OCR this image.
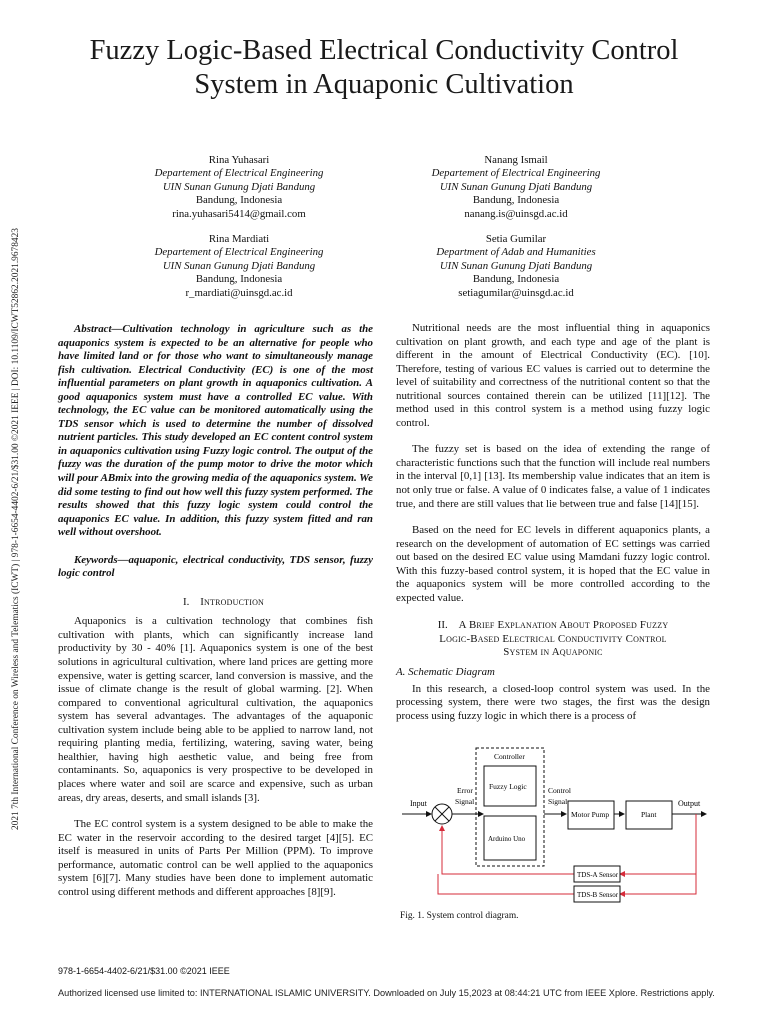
Fuzzy Logic-Based Electrical Conductivity Control
System in Aquaponic Cultivation
Rina Yuhasari
Departement of Electrical Engineering
UIN Sunan Gunung Djati Bandung
Bandung, Indonesia
rina.yuhasari5414@gmail.com
Nanang Ismail
Departement of Electrical Engineering
UIN Sunan Gunung Djati Bandung
Bandung, Indonesia
nanang.is@uinsgd.ac.id
Rina Mardiati
Departement of Electrical Engineering
UIN Sunan Gunung Djati Bandung
Bandung, Indonesia
r_mardiati@uinsgd.ac.id
Setia Gumilar
Department of Adab and Humanities
UIN Sunan Gunung Djati Bandung
Bandung, Indonesia
setiagumilar@uinsgd.ac.id
2021 7th International Conference on Wireless and Telematics (ICWT) | 978-1-6654-4402-6/21/$31.00 ©2021 IEEE | DOI: 10.1109/ICWT52862.2021.9678423	Abstract—Cultivation technology in agriculture such as the aquaponics system is expected to be an alternative for people who have limited land or for those who want to simultaneously manage fish cultivation. Electrical Conductivity (EC) is one of the most influential parameters on plant growth in aquaponics cultivation. A good aquaponics system must have a controlled EC value. With technology, the EC value can be monitored automatically using the TDS sensor which is used to determine the number of dissolved nutrient particles. This study developed an EC content control system in aquaponics cultivation using Fuzzy logic control. The output of the fuzzy was the duration of the pump motor to drive the motor which will pour ABmix into the growing media of the aquaponics system. We did some testing to find out how well this fuzzy system performed. The results showed that this fuzzy logic system could control the aquaponics EC value. In addition, this fuzzy system fitted and ran well without overshoot.

Keywords—aquaponic, electrical conductivity, TDS sensor, fuzzy logic control

I. Introduction

Aquaponics is a cultivation technology that combines fish cultivation with plants, which can significantly increase land productivity by 30 - 40% [1]. Aquaponics system is one of the best solutions in agricultural cultivation, where land prices are getting more expensive, water is getting scarcer, land conversion is massive, and the issue of climate change is the result of global warming. [2]. When compared to conventional agricultural cultivation, the aquaponics system has several advantages. The advantages of the aquaponic cultivation system include being able to be applied to narrow land, not requiring planting media, fertilizing, watering, saving water, being healthier, having high aesthetic value, and being free from contaminants. So, aquaponics is very prospective to be developed in places where water and soil are scarce and expensive, such as urban areas, dry areas, deserts, and small islands [3].

The EC control system is a system designed to be able to make the EC water in the reservoir according to the desired target [4][5]. EC itself is measured in units of Parts Per Million (PPM). To improve performance, automatic control can be well applied to the aquaponics system [6][7]. Many studies have been done to implement automatic control using different methods and different approaches [8][9].

Nutritional needs are the most influential thing in aquaponics cultivation on plant growth, and each type and age of the plant is different in the amount of Electrical Conductivity (EC). [10]. Therefore, testing of various EC values is carried out to determine the level of suitability and correctness of the nutritional content so that the nutritional sources contained therein can be utilized [11][12]. The method used in this control system is a method using fuzzy logic control.

The fuzzy set is based on the idea of extending the range of characteristic functions such that the function will include real numbers in the interval [0,1] [13]. Its membership value indicates that an item is not only true or false. A value of 0 indicates false, a value of 1 indicates true, and there are still values that lie between true and false [14][15].

Based on the need for EC levels in different aquaponics plants, a research on the development of automation of EC settings was carried out based on the desired EC value using Mamdani fuzzy logic control. With this fuzzy-based control system, it is hoped that the EC value in the aquaponics system will be more controlled according to the expected value.

II. A Brief Explanation About Proposed Fuzzy
Logic-Based Electrical Conductivity Control
System in Aquaponic

A. Schematic Diagram

In this research, a closed-loop control system was used. In the processing system, there were two stages, the first was the design process using fuzzy logic in which there is a process of

Input
Error
Signal
Controller
Fuzzy Logic
Arduino Uno
Control
Signal
Motor Pump	Plant
Output
TDS-A Sensor
TDS-B Sensor
Fig. 1. System control diagram.
978-1-6654-4402-6/21/$31.00 ©2021 IEEE
Authorized licensed use limited to: INTERNATIONAL ISLAMIC UNIVERSITY. Downloaded on July 15,2023 at 08:44:21 UTC from IEEE Xplore. Restrictions apply.
